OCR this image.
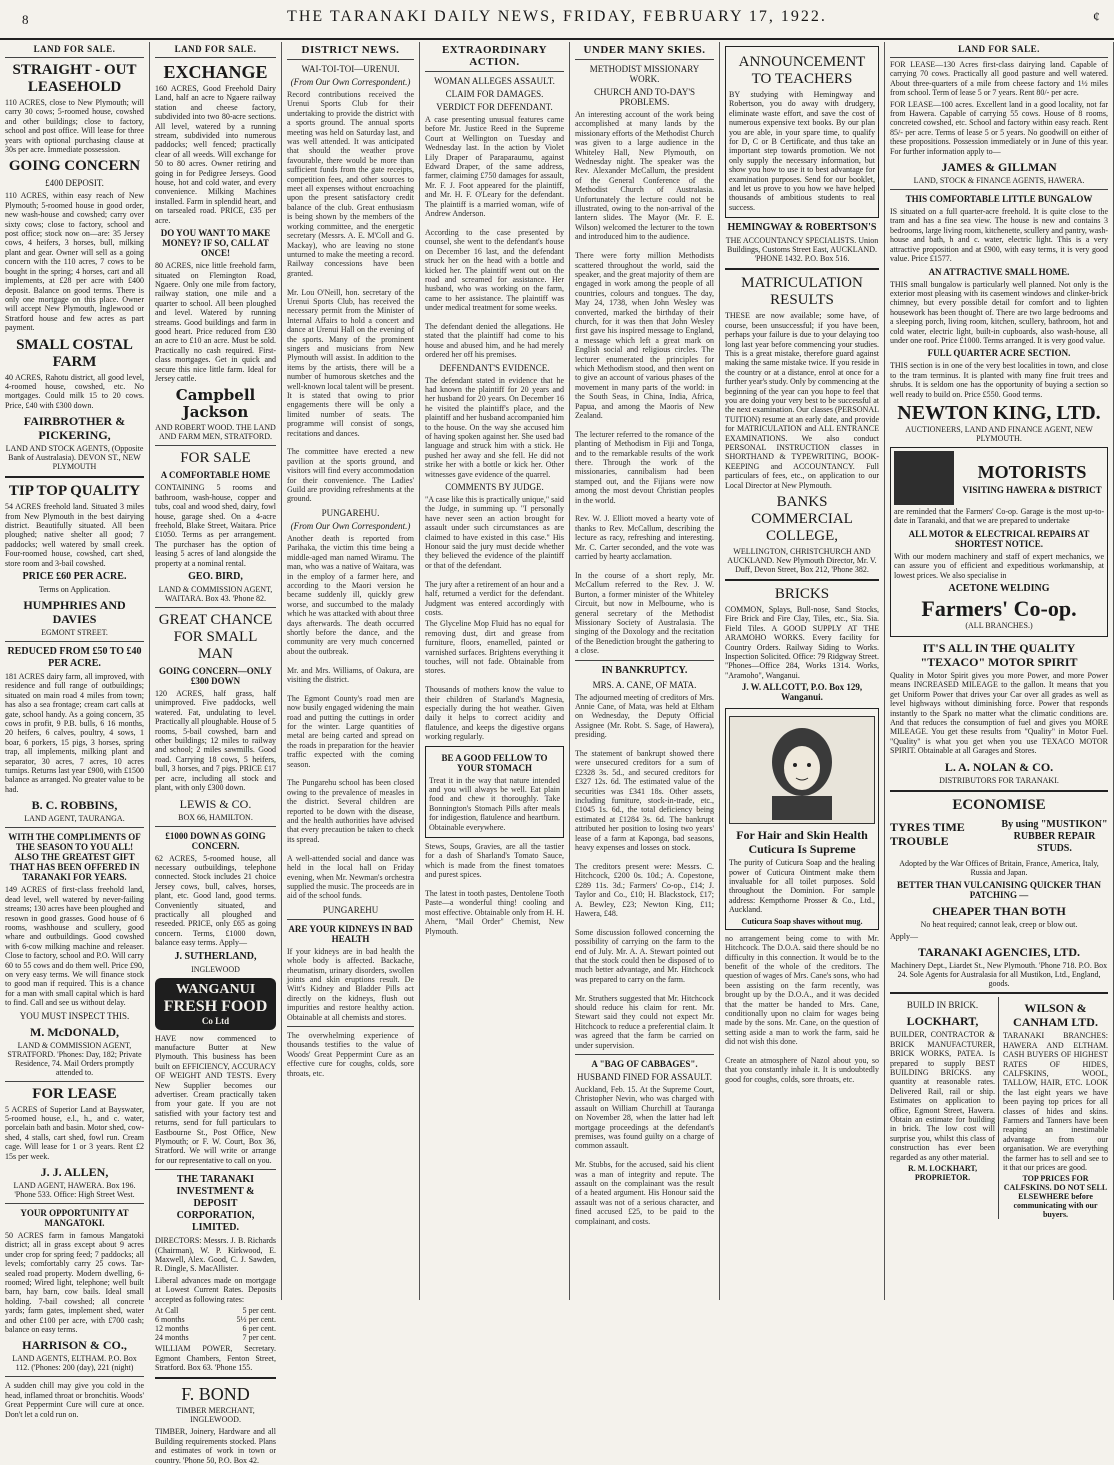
8	THE TARANAKI DAILY NEWS, FRIDAY, FEBRUARY 17, 1922.	¢
LAND FOR SALE.
STRAIGHT - OUT LEASEHOLD
110 ACRES, close to New Plymouth; will carry 30 cows; 5-roomed house, cowshed and other buildings; close to factory, school and post office. Will lease for three years with optional purchasing clause at 30s per acre. Immediate possession.
GOING CONCERN
£400 DEPOSIT.
110 ACRES, within easy reach of New Plymouth; 5-roomed house in good order, new wash-house and cowshed; carry over sixty cows; close to factory, school and post office; stock now on—are: 35 Jersey cows, 4 heifers, 3 horses, bull, milking plant and gear. Owner will sell as a going concern with the 110 acres, 7 cows to be bought in the spring; 4 horses, cart and all implements, at £28 per acre with £400 deposit. Balance on good terms. There is only one mortgage on this place. Owner will accept New Plymouth, Inglewood or Stratford house and few acres as part payment.
SMALL COSTAL FARM
40 ACRES, Rahotu district, all good level, 4-roomed house, cowshed, etc. No mortgages. Could milk 15 to 20 cows. Price, £40 with £300 down.
FAIRBROTHER & PICKERING,
LAND AND STOCK AGENTS, (Opposite Bank of Australasia). DEVON ST., NEW PLYMOUTH
TIP TOP QUALITY
54 ACRES freehold land. Situated 3 miles from New Plymouth in the best dairying district. Beautifully situated. All been ploughed; native shelter all good; 7 paddocks; well watered by small creek. Four-roomed house, cowshed, cart shed, store room and 3-bail cowshed.
PRICE £60 PER ACRE.
Terms on Application.
HUMPHRIES AND DAVIES
EGMONT STREET.
REDUCED FROM £50 TO £40 PER ACRE.
181 ACRES dairy farm, all improved, with residence and full range of outbuildings; situated on main road 4 miles from town; has also a sea frontage; cream cart calls at gate, school handy. As a going concern, 35 cows in profit, 9 P.B. bulls, 6 16 months, 20 heifers, 6 calves, poultry, 4 sows, 1 boar, 6 porkers, 15 pigs, 3 horses, spring trap, all implements, milking plant and separator, 30 acres, 7 acres, 10 acres turnips. Returns last year £900, with £1500 balance as arranged. No greater value to be had.
B. C. ROBBINS,
LAND AGENT, TAURANGA.
WITH THE COMPLIMENTS OF THE SEASON TO YOU ALL! ALSO THE GREATEST GIFT THAT HAS BEEN OFFERED IN TARANAKI FOR YEARS.
149 ACRES of first-class freehold land, dead level, well watered by never-failing streams; 130 acres have been ploughed and resown in good grasses. Good house of 6 rooms, washhouse and scullery, good whare and outbuildings. Good cowshed with 6-cow milking machine and releaser. Close to factory, school and P.O. Will carry 60 to 55 cows and do them well. Price £90, on very easy terms. We will finance stock to good man if required. This is a chance for a man with small capital which is hard to find. Call and see us without delay.
YOU MUST INSPECT THIS.
M. McDONALD,
LAND & COMMISSION AGENT, STRATFORD. 'Phones: Day, 182; Private Residence, 74. Mail Orders promptly attended to.
FOR LEASE
5 ACRES of Superior Land at Bayswater, 5-roomed house, e.l., h., and c. water, porcelain bath and basin. Motor shed, cow-shed, 4 stalls, cart shed, fowl run. Cream cage. Will lease for 1 or 3 years. Rent £2 15s per week.
J. J. ALLEN,
LAND AGENT, HAWERA. Box 196. 'Phone 533. Office: High Street West.
YOUR OPPORTUNITY AT MANGATOKI.
50 ACRES farm in famous Mangatoki district; all in grass except about 9 acres under crop for spring feed; 7 paddocks; all levels; comfortably carry 25 cows. Tar-sealed road property. Modern dwelling, 6-roomed; Wired light, telephone; well built barn, hay barn, cow bails. Ideal small holding. 7-bail cowshed; all concrete yards; farm gates, implement shed, water and other £100 per acre, with £700 cash; balance on easy terms.
HARRISON & CO.,
LAND AGENTS, ELTHAM. P.O. Box 112. ('Phones: 200 (day), 221 (night)
A sudden chill may give you cold in the head, inflamed throat or bronchitis. Woods' Great Peppermint Cure will cure at once. Don't let a cold run on.
LAND FOR SALE.
EXCHANGE
160 ACRES, Good Freehold Dairy Land, half an acre to Ngaere railway station and cheese factory, subdivided into two 80-acre sections. All level, watered by a running stream, subdivided into numerous paddocks; well fenced; practically clear of all weeds. Will exchange for 50 to 80 acres. Owner retiring and going in for Pedigree Jerseys. Good house, hot and cold water, and every convenience. Milking Machines installed. Farm in splendid heart, and on tarsealed road. PRICE, £35 per acre.
DO YOU WANT TO MAKE MONEY? IF SO, CALL AT ONCE!
80 ACRES, nice little freehold farm, situated on Flemington Road, Ngaere. Only one mile from factory, railway station, one mile and a quarter to school. All been ploughed and level. Watered by running streams. Good buildings and farm in good heart. Price reduced from £30 an acre to £10 an acre. Must be sold. Practically no cash required. First-class mortgages. Get in quick and secure this nice little farm. Ideal for Jersey cattle.
Campbell Jackson
AND ROBERT WOOD. THE LAND AND FARM MEN, STRATFORD.
FOR SALE
A COMFORTABLE HOME
CONTAINING 5 rooms and bathroom, wash-house, copper and tubs, coal and wood shed, dairy, fowl house, garage shed. On a 4-acre freehold, Blake Street, Waitara. Price £1050. Terms as per arrangement. The purchaser has the option of leasing 5 acres of land alongside the property at a nominal rental.
GEO. BIRD,
LAND & COMMISSION AGENT, WAITARA. Box 43. 'Phone 82.
GREAT CHANCE FOR SMALL MAN
GOING CONCERN—ONLY £300 DOWN
120 ACRES, half grass, half unimproved. Five paddocks, well watered. Fat, undulating to level. Practically all ploughable. House of 5 rooms, 5-bail cowshed, barn and other buildings; 12 miles to railway and school; 2 miles sawmills. Good road. Carrying 18 cows, 5 heifers, bull, 3 horses, and 7 pigs. PRICE £17 per acre, including all stock and plant, with only £300 down.
LEWIS & CO.
BOX 66, HAMILTON.
£1000 DOWN AS GOING CONCERN.
62 ACRES, 5-roomed house, all necessary outbuildings, telephone connected. Stock includes 21 choice Jersey cows, bull, calves, horses, plant, etc. Good land, good terms. Conveniently situated, and practically all ploughed and reseeded. PRICE, only £65 as going concern. Terms, £1000 down, balance easy terms. Apply—
J. SUTHERLAND,
INGLEWOOD
WANGANUI
FRESH FOOD
Co Ltd
HAVE now commenced to manufacture Butter at New Plymouth. This business has been built on EFFICIENCY, ACCURACY OF WEIGHT AND TESTS. Every New Supplier becomes our advertiser. Cream practically taken from your gate. If you are not satisfied with your factory test and returns, send for full particulars to Eastbourne St., Post Office, New Plymouth; or F. W. Court, Box 36, Stratford. We will write or arrange for our representative to call on you.
THE TARANAKI INVESTMENT & DEPOSIT CORPORATION, LIMITED.
DIRECTORS: Messrs. J. B. Richards (Chairman), W. P. Kirkwood, E. Maxwell, Alex. Good, C. J. Sawden, R. Dingle, S. MacAllister.
Liberal advances made on mortgage at Lowest Current Rates. Deposits accepted as following rates:
At Call	5 per cent.
6 months	5½ per cent.
12 months	6 per cent.
24 months	7 per cent.
WILLIAM POWER, Secretary. Egmont Chambers, Fenton Street, Stratford. Box 63. 'Phone 155.
F. BOND
TIMBER MERCHANT, INGLEWOOD.
TIMBER, Joinery, Hardware and all Building requirements stocked. Plans and estimates of work in town or country. 'Phone 50, P.O. Box 42.
DISTRICT NEWS.
WAI-TOI-TOI—URENUI.
(From Our Own Correspondent.)
Record contributions received the Urenui Sports Club for their undertaking to provide the district with a sports ground. The annual sports meeting was held on Saturday last, and was well attended. It was anticipated that should the weather prove favourable, there would be more than sufficient funds from the gate receipts, competition fees, and other sources to meet all expenses without encroaching upon the present satisfactory credit balance of the club. Great enthusiasm is being shown by the members of the working committee, and the energetic secretary (Messrs. A. E. M'Coll and G. Mackay), who are leaving no stone unturned to make the meeting a record. Railway concessions have been granted.

Mr. Lou O'Neill, hon. secretary of the Urenui Sports Club, has received the necessary permit from the Minister of Internal Affairs to hold a concert and dance at Urenui Hall on the evening of the sports. Many of the prominent singers and musicians from New Plymouth will assist. In addition to the items by the artists, there will be a number of humorous sketches and the well-known local talent will be present. It is stated that owing to prior engagements there will be only a limited number of seats. The programme will consist of songs, recitations and dances.

The committee have erected a new pavilion at the sports ground, and visitors will find every accommodation for their convenience. The Ladies' Guild are providing refreshments at the ground.
PUNGAREHU.
(From Our Own Correspondent.)
Another death is reported from Parihaka, the victim this time being a middle-aged man named Wiramu. The man, who was a native of Waitara, was in the employ of a farmer here, and according to the Maori version he became suddenly ill, quickly grew worse, and succumbed to the malady which he was attacked with about three days afterwards. The death occurred shortly before the dance, and the community are very much concerned about the outbreak.

Mr. and Mrs. Williams, of Oakura, are visiting the district.

The Egmont County's road men are now busily engaged widening the main road and putting the cuttings in order for the winter. Large quantities of metal are being carted and spread on the roads in preparation for the heavier traffic expected with the coming season.

The Pungarehu school has been closed owing to the prevalence of measles in the district. Several children are reported to be down with the disease, and the health authorities have advised that every precaution be taken to check its spread.

A well-attended social and dance was held in the local hall on Friday evening, when Mr. Newman's orchestra supplied the music. The proceeds are in aid of the school funds.
PUNGAREHU
ARE YOUR KIDNEYS IN BAD HEALTH
If your kidneys are in bad health the whole body is affected. Backache, rheumatism, urinary disorders, swollen joints and skin eruptions result. De Witt's Kidney and Bladder Pills act directly on the kidneys, flush out impurities and restore healthy action. Obtainable at all chemists and stores.
The overwhelming experience of thousands testifies to the value of Woods' Great Peppermint Cure as an effective cure for coughs, colds, sore throats, etc.
EXTRAORDINARY ACTION.
WOMAN ALLEGES ASSAULT.
CLAIM FOR DAMAGES.
VERDICT FOR DEFENDANT.
A case presenting unusual features came before Mr. Justice Reed in the Supreme Court at Wellington on Tuesday and Wednesday last. In the action by Violet Lily Draper of Paraparaumu, against Edward Draper, of the same address, farmer, claiming £750 damages for assault, Mr. F. J. Foot appeared for the plaintiff, and Mr. H. F. O'Leary for the defendant. The plaintiff is a married woman, wife of Andrew Anderson.

According to the case presented by counsel, she went to the defendant's house on December 16 last, and the defendant struck her on the head with a bottle and kicked her. The plaintiff went out on the road and screamed for assistance. Her husband, who was working on the farm, came to her assistance. The plaintiff was under medical treatment for some weeks.

The defendant denied the allegations. He stated that the plaintiff had come to his house and abused him, and he had merely ordered her off his premises.
DEFENDANT'S EVIDENCE.
The defendant stated in evidence that he had known the plaintiff for 20 years and her husband for 20 years. On December 16 he visited the plaintiff's place, and the plaintiff and her husband accompanied him to the house. On the way she accused him of having spoken against her. She used bad language and struck him with a stick. He pushed her away and she fell. He did not strike her with a bottle or kick her. Other witnesses gave evidence of the quarrel.
COMMENTS BY JUDGE.
"A case like this is practically unique," said the Judge, in summing up. "I personally have never seen an action brought for assault under such circumstances as are claimed to have existed in this case." His Honour said the jury must decide whether they believed the evidence of the plaintiff or that of the defendant.

The jury after a retirement of an hour and a half, returned a verdict for the defendant. Judgment was entered accordingly with costs.
The Glyceline Mop Fluid has no equal for removing dust, dirt and grease from furniture, floors, enamelled, painted or varnished surfaces. Brightens everything it touches, will not fade. Obtainable from stores.

Thousands of mothers know the value to their children of Starland's Magnesia, especially during the hot weather. Given daily it helps to correct acidity and flatulence, and keeps the digestive organs working regularly.
BE A GOOD FELLOW TO YOUR STOMACH
Treat it in the way that nature intended and you will always be well. Eat plain food and chew it thoroughly. Take Bonnington's Stomach Pills after meals for indigestion, flatulence and heartburn. Obtainable everywhere.
Stews, Soups, Gravies, are all the tastier for a dash of Sharland's Tomato Sauce, which is made from the finest tomatoes and purest spices.

The latest in tooth pastes, Dentolene Tooth Paste—a wonderful thing! cooling and most effective. Obtainable only from H. H. Ahern, "Mail Order" Chemist, New Plymouth.
UNDER MANY SKIES.
METHODIST MISSIONARY WORK.
CHURCH AND TO-DAY'S PROBLEMS.
An interesting account of the work being accomplished at many lands by the missionary efforts of the Methodist Church was given to a large audience in the Whiteley Hall, New Plymouth, on Wednesday night. The speaker was the Rev. Alexander McCallum, the president of the General Conference of the Methodist Church of Australasia. Unfortunately the lecture could not be illustrated, owing to the non-arrival of the lantern slides. The Mayor (Mr. F. E. Wilson) welcomed the lecturer to the town and introduced him to the audience.

There were forty million Methodists scattered throughout the world, said the speaker, and the great majority of them are engaged in work among the people of all countries, colours and tongues. The day, May 24, 1738, when John Wesley was converted, marked the birthday of their church, for it was then that John Wesley first gave his inspired message to England, a message which left a great mark on English social and religious circles. The lecturer enumerated the principles for which Methodism stood, and then went on to give an account of various phases of the movement in many parts of the world: in the South Seas, in China, India, Africa, Papua, and among the Maoris of New Zealand.

The lecturer referred to the romance of the planting of Methodism in Fiji and Tonga, and to the remarkable results of the work there. Through the work of the missionaries, cannibalism had been stamped out, and the Fijians were now among the most devout Christian peoples in the world.

Rev. W. J. Elliott moved a hearty vote of thanks to Rev. McCallum, describing the lecture as racy, refreshing and interesting. Mr. C. Carter seconded, and the vote was carried by hearty acclamation.

In the course of a short reply, Mr. McCallum referred to the Rev. J. W. Burton, a former minister of the Whiteley Circuit, but now in Melbourne, who is general secretary of the Methodist Missionary Society of Australasia. The singing of the Doxology and the recitation of the Benediction brought the gathering to a close.
IN BANKRUPTCY.
MRS. A. CANE, OF MATA.
The adjourned meeting of creditors of Mrs. Annie Cane, of Mata, was held at Eltham on Wednesday, the Deputy Official Assignee (Mr. Robt. S. Sage, of Hawera), presiding.

The statement of bankrupt showed there were unsecured creditors for a sum of £2328 3s. 5d., and secured creditors for £327 12s. 6d. The estimated value of the securities was £341 18s. Other assets, including furniture, stock-in-trade, etc., £1045 1s. 6d., the total deficiency being estimated at £1284 3s. 6d. The bankrupt attributed her position to losing two years' lease of a farm at Kaponga, bad seasons, heavy expenses and losses on stock.

The creditors present were: Messrs. C. Hitchcock, £200 0s. 10d.; A. Copestone, £289 11s. 3d.; Farmers' Co-op., £14; J. Taylor and Co., £10; H. Blackstock, £17; A. Bewley, £23; Newton King, £11; Hawera, £48.

Some discussion followed concerning the possibility of carrying on the farm to the end of July. Mr. A. A. Stewart pointed out that the stock could then be disposed of to much better advantage, and Mr. Hitchcock was prepared to carry on the farm.

Mr. Struthers suggested that Mr. Hitchcock should reduce his claim for rent. Mr. Stewart said they could not expect Mr. Hitchcock to reduce a preferential claim. It was agreed that the farm be carried on under supervision.
A "BAG OF CABBAGES".
HUSBAND FINED FOR ASSAULT.
Auckland, Feb. 15. At the Supreme Court, Christopher Nevin, who was charged with assault on William Churchill at Tauranga on November 28, when the latter had left mortgage proceedings at the defendant's premises, was found guilty on a charge of common assault.

Mr. Stubbs, for the accused, said his client was a man of integrity and repute. The assault on the complainant was the result of a heated argument. His Honour said the assault was not of a serious character, and fined accused £25, to be paid to the complainant, and costs.
ANNOUNCEMENT TO TEACHERS
BY studying with Hemingway and Robertson, you do away with drudgery, eliminate waste effort, and save the cost of numerous expensive text books. By our plan you are able, in your spare time, to qualify for D, C or B Certificate, and thus take an important step towards promotion. We not only supply the necessary information, but show you how to use it to best advantage for examination purposes. Send for our booklet, and let us prove to you how we have helped thousands of ambitious students to real success.
HEMINGWAY & ROBERTSON'S
THE ACCOUNTANCY SPECIALISTS. Union Buildings, Customs Street East, AUCKLAND. 'PHONE 1432. P.O. Box 516.
MATRICULATION RESULTS
THESE are now available; some have, of course, been unsuccessful; if you have been, perhaps your failure is due to your delaying too long last year before commencing your studies. This is a great mistake, therefore guard against making the same mistake twice. If you reside in the country or at a distance, enrol at once for a further year's study. Only by commencing at the beginning of the year can you hope to feel that you are doing your very best to be successful at the next examination. Our classes (PERSONAL TUITION) resume at an early date, and provide for MATRICULATION and ALL ENTRANCE EXAMINATIONS. We also conduct PERSONAL INSTRUCTION classes in SHORTHAND & TYPEWRITING, BOOK-KEEPING and ACCOUNTANCY. Full particulars of fees, etc., on application to our Local Director at New Plymouth.
BANKS COMMERCIAL COLLEGE,
WELLINGTON, CHRISTCHURCH AND AUCKLAND. New Plymouth Director, Mr. V. Duff, Devon Street, Box 212, 'Phone 382.
BRICKS
COMMON, Splays, Bull-nose, Sand Stocks, Fire Brick and Fire Clay, Tiles, etc., Sia. Sia. Field Tiles. A GOOD SUPPLY AT THE ARAMOHO WORKS. Every facility for Country Orders. Railway Siding to Works. Inspection Solicited. Office: 79 Ridgway Street. "Phones—Office 284, Works 1314. Works, "Aramoho", Wanganui.
J. W. ALLCOTT, P.O. Box 129, Wanganui.
For Hair and Skin Health Cuticura Is Supreme
The purity of Cuticura Soap and the healing power of Cuticura Ointment make them invaluable for all toilet purposes. Sold throughout the Dominion. For sample address: Kempthorne Prosser & Co., Ltd., Auckland.
Cuticura Soap shaves without mug.
no arrangement being come to with Mr. Hitchcock. The D.O.A. said there should be no difficulty in this connection. It would be to the benefit of the whole of the creditors. The question of wages of Mrs. Cane's sons, who had been assisting on the farm recently, was brought up by the D.O.A., and it was decided that the matter be handed to Mrs. Cane, conditionally upon no claim for wages being made by the sons. Mr. Cane, on the question of setting aside a man to work the farm, said he did not wish this done.

Create an atmosphere of Nazol about you, so that you constantly inhale it. It is undoubtedly good for coughs, colds, sore throats, etc.
LAND FOR SALE.
FOR LEASE—130 Acres first-class dairying land. Capable of carrying 70 cows. Practically all good pasture and well watered. About three-quarters of a mile from cheese factory and 1½ miles from school. Term of lease 5 or 7 years. Rent 80/- per acre.
FOR LEASE—100 acres. Excellent land in a good locality, not far from Hawera. Capable of carrying 55 cows. House of 8 rooms, concreted cowshed, etc. School and factory within easy reach. Rent 85/- per acre. Terms of lease 5 or 5 years. No goodwill on either of these propositions. Possession immediately or in June of this year. For further information apply to—
JAMES & GILLMAN
LAND, STOCK & FINANCE AGENTS, HAWERA.
THIS COMFORTABLE LITTLE BUNGALOW
IS situated on a full quarter-acre freehold. It is quite close to the tram and has a fine sea view. The house is new and contains 3 bedrooms, large living room, kitchenette, scullery and pantry, wash-house and bath, h and c. water, electric light. This is a very attractive proposition and at £900, with easy terms, it is very good value. Price £1577.
AN ATTRACTIVE SMALL HOME.
THIS small bungalow is particularly well planned. Not only is the exterior most pleasing with its casement windows and clinker-brick chimney, but every possible detail for comfort and to lighten housework has been thought of. There are two large bedrooms and a sleeping porch, living room, kitchen, scullery, bathroom, hot and cold water, electric light, built-in cupboards, also wash-house, all under one roof. Price £1000. Terms arranged. It is very good value.
FULL QUARTER ACRE SECTION.
THIS section is in one of the very best localities in town, and close to the tram terminus. It is planted with many fine fruit trees and shrubs. It is seldom one has the opportunity of buying a section so well ready to build on. Price £550. Good terms.
NEWTON KING, LTD.
AUCTIONEERS, LAND AND FINANCE AGENT, NEW PLYMOUTH.
MOTORISTS
VISITING HAWERA & DISTRICT
are reminded that the Farmers' Co-op. Garage is the most up-to-date in Taranaki, and that we are prepared to undertake
ALL MOTOR & ELECTRICAL REPAIRS AT SHORTEST NOTICE.
With our modern machinery and staff of expert mechanics, we can assure you of efficient and expeditious workmanship, at lowest prices. We also specialise in
ACETONE WELDING
Farmers' Co-op.
(ALL BRANCHES.)
IT'S ALL IN THE QUALITY "TEXACO" MOTOR SPIRIT
Quality in Motor Spirit gives you more Power, and more Power means INCREASED MILEAGE to the gallon. It means that you get Uniform Power that drives your Car over all grades as well as level highways without diminishing force. Power that responds instantly to the Spark no matter what the climatic conditions are. And that reduces the consumption of fuel and gives you MORE MILEAGE. You get these results from "Quality" in Motor Fuel. "Quality" is what you get when you use TEXACO MOTOR SPIRIT. Obtainable at all Garages and Stores.
L. A. NOLAN & CO.
DISTRIBUTORS FOR TARANAKI.
ECONOMISE
TYRES TIME TROUBLE
By using "MUSTIKON" RUBBER REPAIR STUDS.
Adopted by the War Offices of Britain, France, America, Italy, Russia and Japan.
BETTER THAN VULCANISING QUICKER THAN PATCHING —
CHEAPER THAN BOTH
No heat required; cannot leak, creep or blow out.
Apply—
TARANAKI AGENCIES, LTD.
Machinery Dept., Liardet St., New Plymouth. 'Phone 718. P.O. Box 24. Sole Agents for Australasia for all Mustikon, Ltd., England, goods.
BUILD IN BRICK.
LOCKHART,
BUILDER, CONTRACTOR & BRICK MANUFACTURER, BRICK WORKS, PATEA. Is prepared to supply BEST BUILDING BRICKS. any quantity at reasonable rates. Delivered Rail, rail or ship. Estimates on application to office, Egmont Street, Hawera. Obtain an estimate for building in brick. The low cost will surprise you, whilst this class of construction has ever been regarded as any other material.
R. M. LOCKHART, PROPRIETOR.
WILSON & CANHAM LTD.
TARANAKI BRANCHES: HAWERA AND ELTHAM. CASH BUYERS OF HIGHEST RATES OF HIDES, CALFSKINS, WOOL, TALLOW, HAIR, ETC. LOOK the last eight years we have been paying top prices for all classes of hides and skins. Farmers and Tanners have been reaping an inestimable advantage from our organisation. We are everything the farmer has to sell and see to it that our prices are good.
TOP PRICES FOR CALFSKINS. DO NOT SELL ELSEWHERE before communicating with our buyers.
